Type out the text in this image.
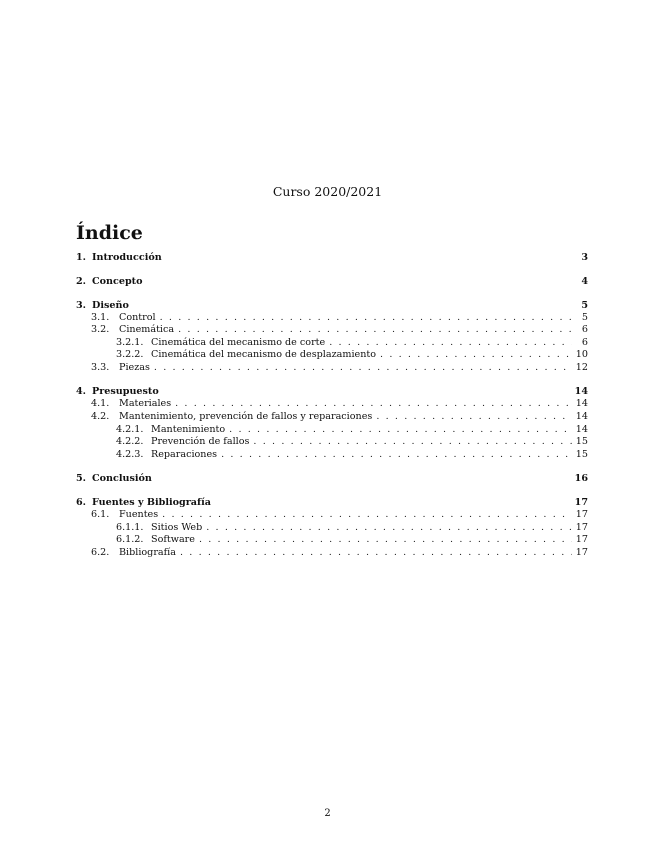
Curso 2020/2021
Índice
1. Introducción	3
2. Concepto	4
3. Diseño	5
3.1.	Control . . .	5
3.2.	Cinemática . . .	6
3.2.1. Cinemática del mecanismo de corte . . .	6
3.2.2. Cinemática del mecanismo de desplazamiento . . .	10
3.3.	Piezas . . .	12
4. Presupuesto	14
4.1.	Materiales . . .	14
4.2.	Mantenimiento, prevención de fallos y reparaciones . . .	14
4.2.1. Mantenimiento . . .	14
4.2.2. Prevención de fallos . . .	15
4.2.3. Reparaciones . . .	15
5. Conclusión	16
6. Fuentes y Bibliografía	17
6.1.	Fuentes . . .	17
6.1.1. Sitios Web . . .	17
6.1.2. Software . . .	17
6.2.	Bibliografía . . .	17
2
